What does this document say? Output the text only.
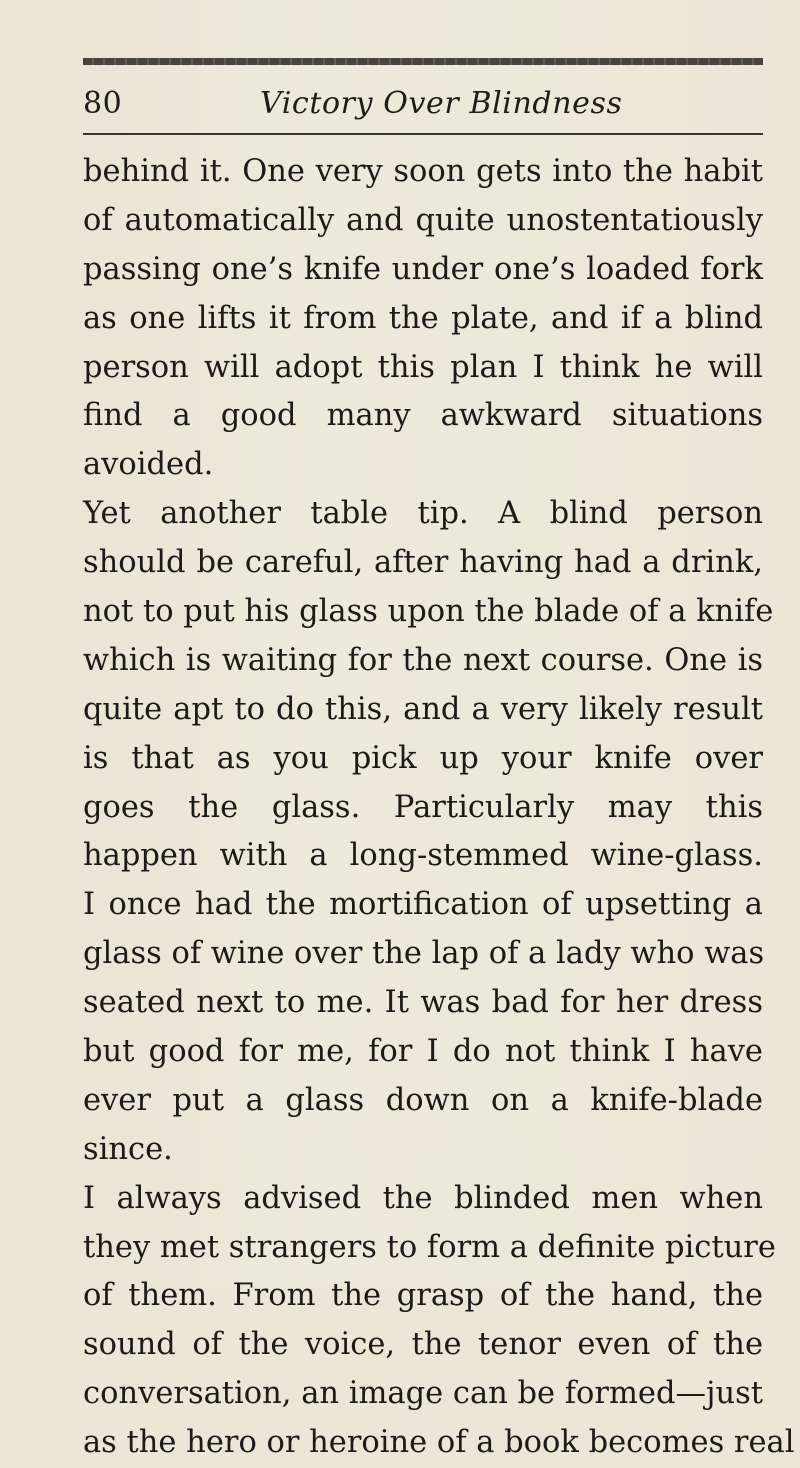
80	Victory Over Blindness
behind it. One very soon gets into the habit
of automatically and quite unostentatiously
passing one’s knife under one’s loaded fork
as one lifts it from the plate, and if a blind
person will adopt this plan I think he will
find a good many awkward situations
avoided.
Yet another table tip. A blind person
should be careful, after having had a drink,
not to put his glass upon the blade of a knife
which is waiting for the next course. One is
quite apt to do this, and a very likely result
is that as you pick up your knife over
goes the glass. Particularly may this
happen with a long-stemmed wine-glass.
I once had the mortification of upsetting a
glass of wine over the lap of a lady who was
seated next to me. It was bad for her dress
but good for me, for I do not think I have
ever put a glass down on a knife-blade
since.
I always advised the blinded men when
they met strangers to form a definite picture
of them. From the grasp of the hand, the
sound of the voice, the tenor even of the
conversation, an image can be formed—just
as the hero or heroine of a book becomes real
